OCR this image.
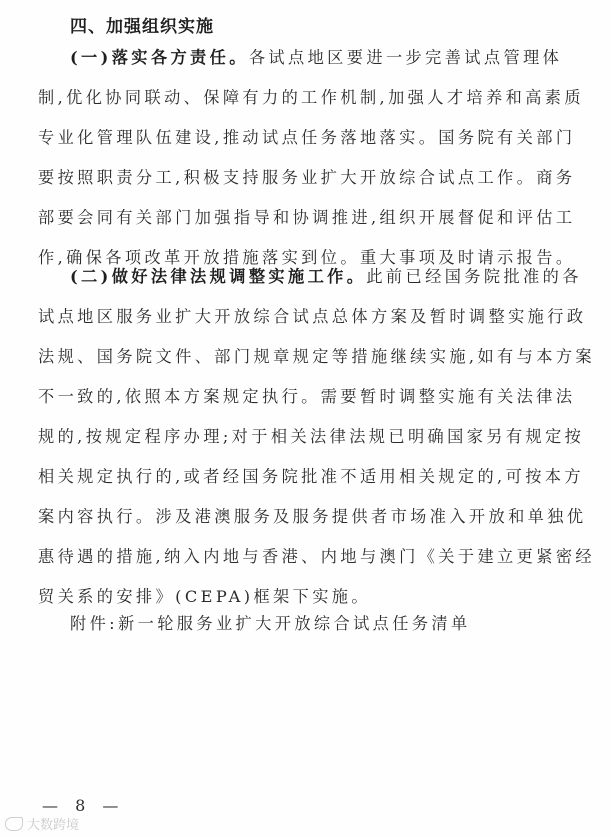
四、加强组织实施
(一)落实各方责任。各试点地区要进一步完善试点管理体
制,优化协同联动、保障有力的工作机制,加强人才培养和高素质
专业化管理队伍建设,推动试点任务落地落实。国务院有关部门
要按照职责分工,积极支持服务业扩大开放综合试点工作。商务
部要会同有关部门加强指导和协调推进,组织开展督促和评估工
作,确保各项改革开放措施落实到位。重大事项及时请示报告。
(二)做好法律法规调整实施工作。此前已经国务院批准的各
试点地区服务业扩大开放综合试点总体方案及暂时调整实施行政
法规、国务院文件、部门规章规定等措施继续实施,如有与本方案
不一致的,依照本方案规定执行。需要暂时调整实施有关法律法
规的,按规定程序办理;对于相关法律法规已明确国家另有规定按
相关规定执行的,或者经国务院批准不适用相关规定的,可按本方
案内容执行。涉及港澳服务及服务提供者市场准入开放和单独优
惠待遇的措施,纳入内地与香港、内地与澳门《关于建立更紧密经
贸关系的安排》(CEPA)框架下实施。
附件:新一轮服务业扩大开放综合试点任务清单
— 8 —
大数跨境
